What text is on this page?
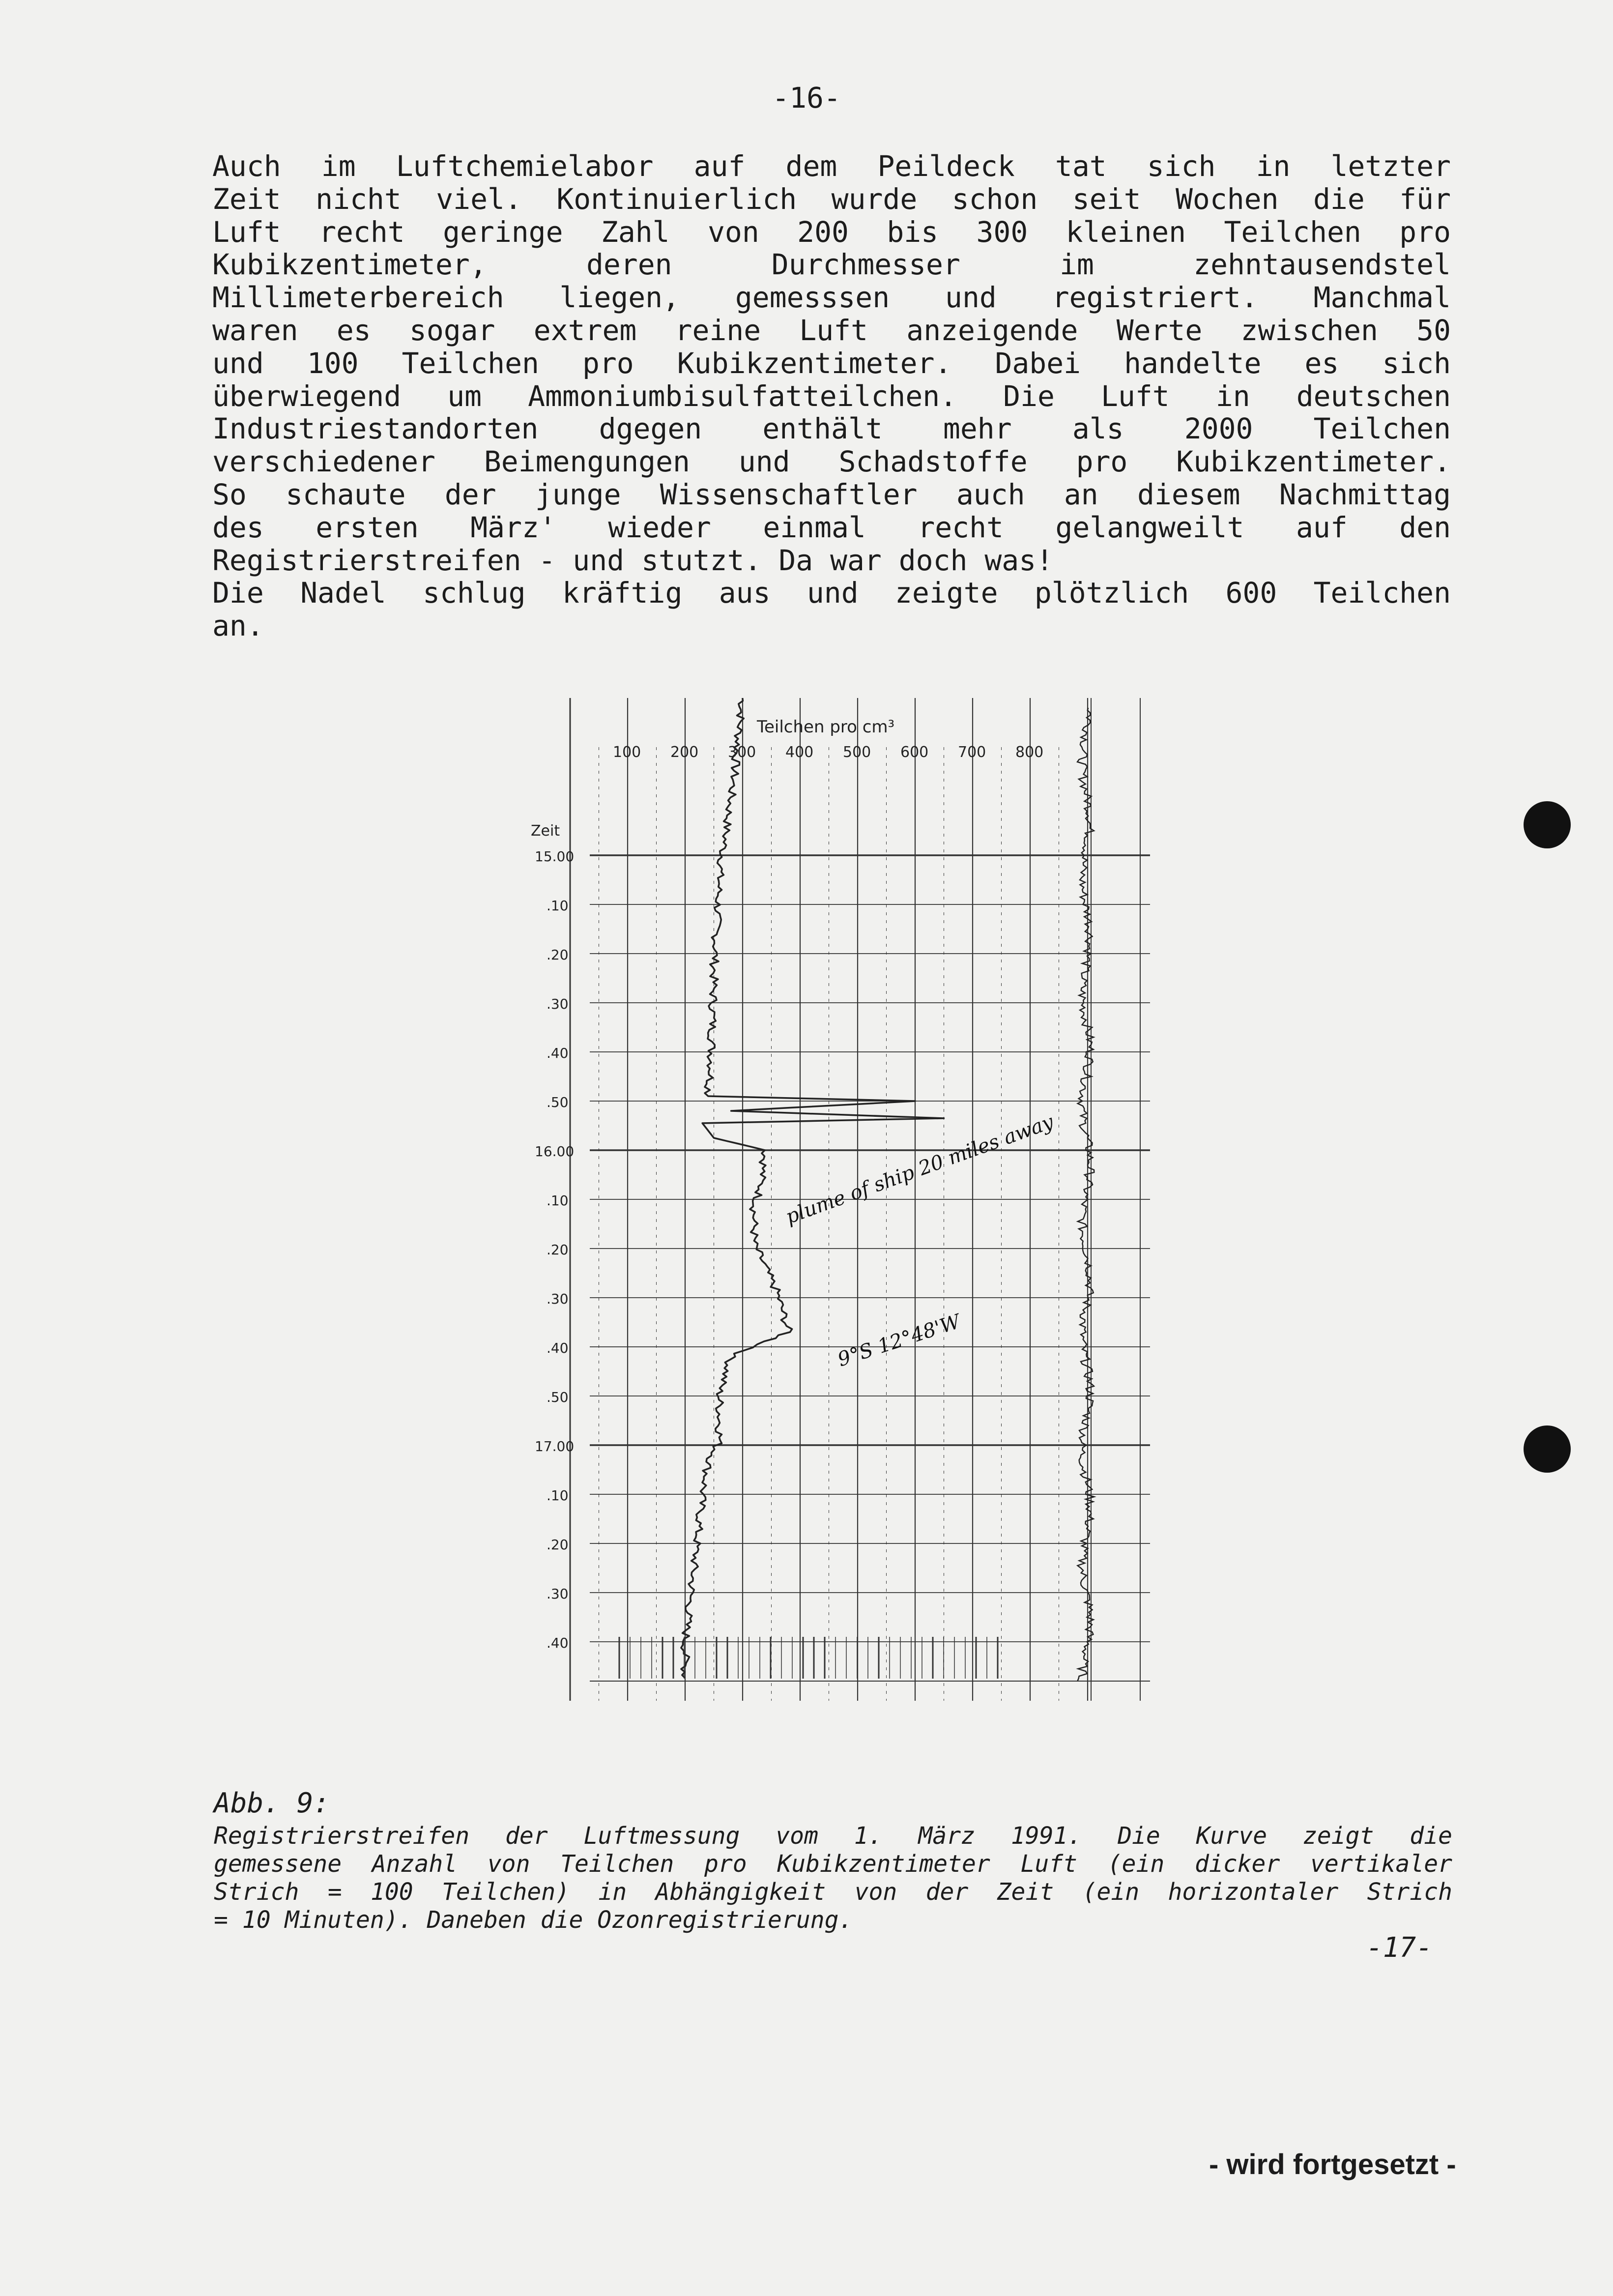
-16-
Auch im Luftchemielabor auf dem Peildeck tat sich in letzter
Zeit nicht viel. Kontinuierlich wurde schon seit Wochen die für
Luft recht geringe Zahl von 200 bis 300 kleinen Teilchen pro
Kubikzentimeter, deren Durchmesser im zehntausendstel
Millimeterbereich liegen, gemesssen und registriert. Manchmal
waren es sogar extrem reine Luft anzeigende Werte zwischen 50
und 100 Teilchen pro Kubikzentimeter. Dabei handelte es sich
überwiegend um Ammoniumbisulfatteilchen. Die Luft in deutschen
Industriestandorten dgegen enthält mehr als 2000 Teilchen
verschiedener Beimengungen und Schadstoffe pro Kubikzentimeter.
So schaute der junge Wissenschaftler auch an diesem Nachmittag
des ersten März' wieder einmal recht gelangweilt auf den
Registrierstreifen - und stutzt. Da war doch was!
Die Nadel schlug kräftig aus und zeigte plötzlich 600 Teilchen
an.
Teilchen pro cm³
100 200 300 400 500 600 700 800
Zeit
15.00
.10
.20
.30
.40
.50
16.00
.10
.20
.30
.40
.50
17.00
.10
.20
.30
.40
plume of ship 20 miles away
9°S 12°48'W
Abb. 9:
Registrierstreifen der Luftmessung vom 1. März 1991. Die Kurve zeigt die
gemessene Anzahl von Teilchen pro Kubikzentimeter Luft (ein dicker vertikaler
Strich = 100 Teilchen) in Abhängigkeit von der Zeit (ein horizontaler Strich
= 10 Minuten). Daneben die Ozonregistrierung.
-17-
- wird fortgesetzt -
